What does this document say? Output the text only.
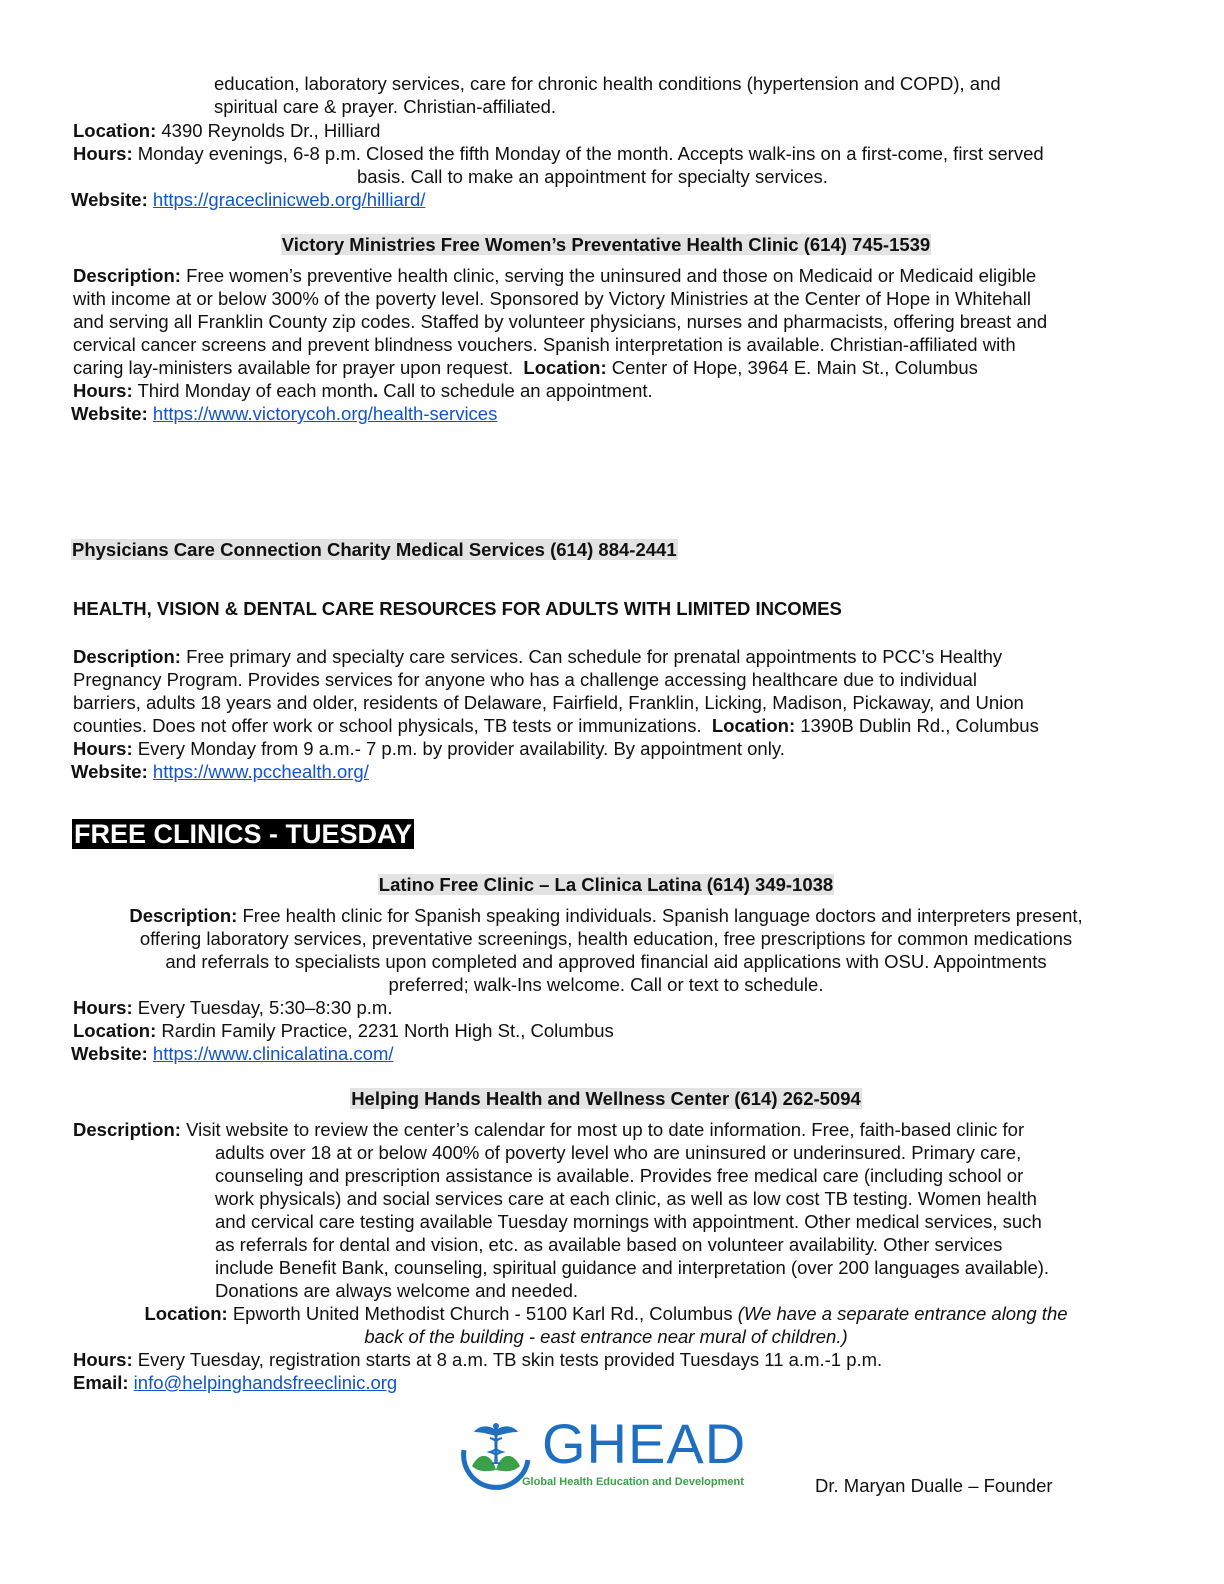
education, laboratory services, care for chronic health conditions (hypertension and COPD), and
spiritual care & prayer. Christian-affiliated.
Location: 4390 Reynolds Dr., Hilliard
Hours: Monday evenings, 6-8 p.m. Closed the fifth Monday of the month. Accepts walk-ins on a first-come, first served
basis. Call to make an appointment for specialty services.
Website: https://graceclinicweb.org/hilliard/
Victory Ministries Free Women’s Preventative Health Clinic (614) 745-1539
Description: Free women’s preventive health clinic, serving the uninsured and those on Medicaid or Medicaid eligible
with income at or below 300% of the poverty level. Sponsored by Victory Ministries at the Center of Hope in Whitehall
and serving all Franklin County zip codes. Staffed by volunteer physicians, nurses and pharmacists, offering breast and
cervical cancer screens and prevent blindness vouchers. Spanish interpretation is available. Christian-affiliated with
caring lay-ministers available for prayer upon request. Location: Center of Hope, 3964 E. Main St., Columbus
Hours: Third Monday of each month. Call to schedule an appointment.
Website: https://www.victorycoh.org/health-services
Physicians Care Connection Charity Medical Services (614) 884-2441
HEALTH, VISION & DENTAL CARE RESOURCES FOR ADULTS WITH LIMITED INCOMES
Description: Free primary and specialty care services. Can schedule for prenatal appointments to PCC’s Healthy
Pregnancy Program. Provides services for anyone who has a challenge accessing healthcare due to individual
barriers, adults 18 years and older, residents of Delaware, Fairfield, Franklin, Licking, Madison, Pickaway, and Union
counties. Does not offer work or school physicals, TB tests or immunizations. Location: 1390B Dublin Rd., Columbus
Hours: Every Monday from 9 a.m.- 7 p.m. by provider availability. By appointment only.
Website: https://www.pcchealth.org/
FREE CLINICS - TUESDAY
Latino Free Clinic – La Clinica Latina (614) 349-1038
Description: Free health clinic for Spanish speaking individuals. Spanish language doctors and interpreters present,
offering laboratory services, preventative screenings, health education, free prescriptions for common medications
and referrals to specialists upon completed and approved financial aid applications with OSU. Appointments
preferred; walk-Ins welcome. Call or text to schedule.
Hours: Every Tuesday, 5:30–8:30 p.m.
Location: Rardin Family Practice, 2231 North High St., Columbus
Website: https://www.clinicalatina.com/
Helping Hands Health and Wellness Center (614) 262-5094
Description: Visit website to review the center’s calendar for most up to date information. Free, faith-based clinic for
adults over 18 at or below 400% of poverty level who are uninsured or underinsured. Primary care,
counseling and prescription assistance is available. Provides free medical care (including school or
work physicals) and social services care at each clinic, as well as low cost TB testing. Women health
and cervical care testing available Tuesday mornings with appointment. Other medical services, such
as referrals for dental and vision, etc. as available based on volunteer availability. Other services
include Benefit Bank, counseling, spiritual guidance and interpretation (over 200 languages available).
Donations are always welcome and needed.
Location: Epworth United Methodist Church - 5100 Karl Rd., Columbus (We have a separate entrance along the
back of the building - east entrance near mural of children.)
Hours: Every Tuesday, registration starts at 8 a.m. TB skin tests provided Tuesdays 11 a.m.-1 p.m.
Email: info@helpinghandsfreeclinic.org
GHEAD
Global Health Education and Development	Dr. Maryan Dualle – Founder
